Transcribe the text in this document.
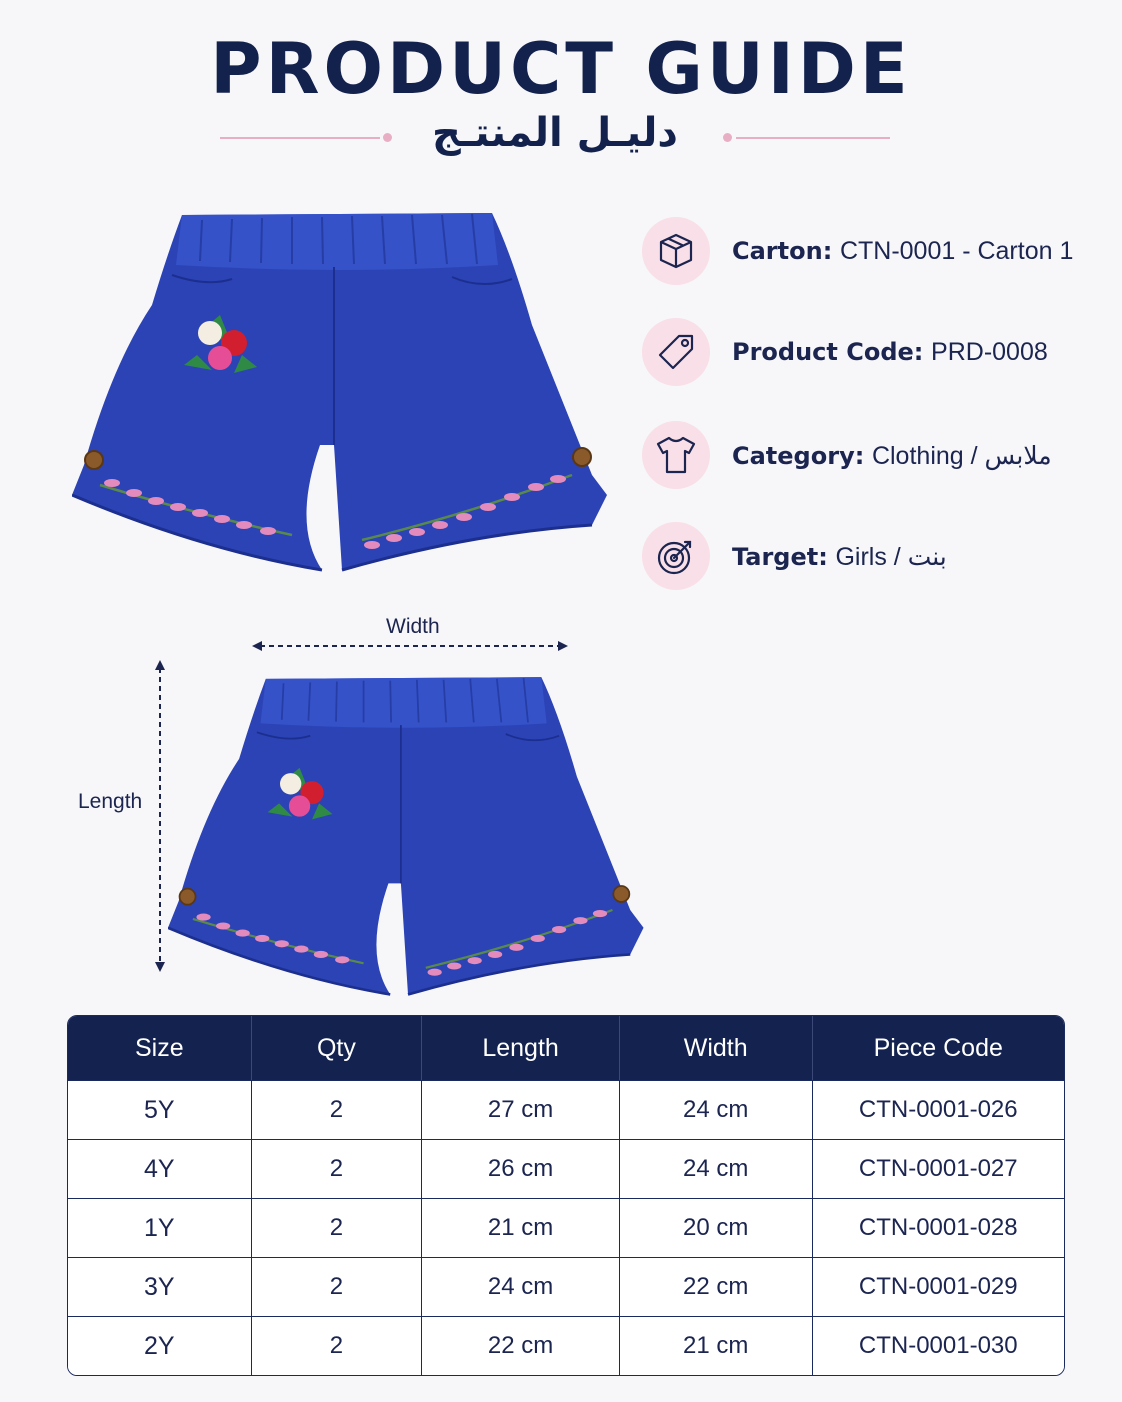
PRODUCT GUIDE
دليـل المنتـج
Carton: CTN-0001 - Carton 1
Product Code: PRD-0008
Category: Clothing / ملابس
Target: Girls / بنت
Width
Length
Size	Qty	Length	Width	Piece Code
5Y	2	27 cm	24 cm	CTN-0001-026
4Y	2	26 cm	24 cm	CTN-0001-027
1Y	2	21 cm	20 cm	CTN-0001-028
3Y	2	24 cm	22 cm	CTN-0001-029
2Y	2	22 cm	21 cm	CTN-0001-030
